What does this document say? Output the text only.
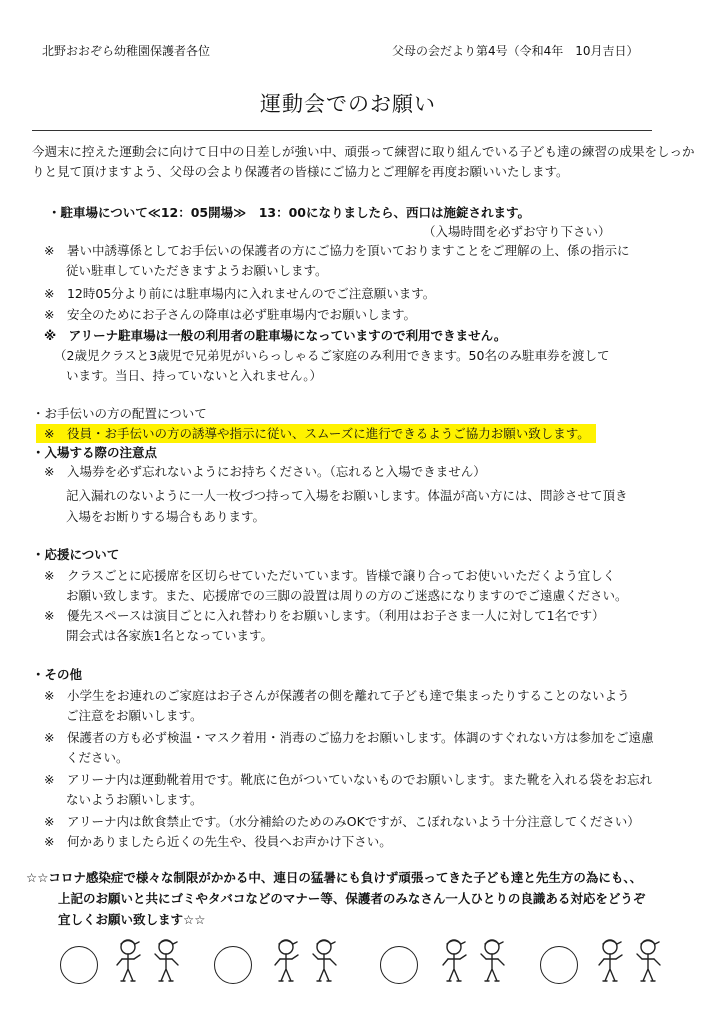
北野おおぞら幼稚園保護者各位	父母の会だより第4号（令和4年　10月吉日）
運動会でのお願い
今週末に控えた運動会に向けて日中の日差しが強い中、頑張って練習に取り組んでいる子ども達の練習の成果をしっか
りと見て頂けますよう、父母の会より保護者の皆様にご協力とご理解を再度お願いいたします。
・駐車場について≪12：05開場≫　13：00になりましたら、西口は施錠されます。
（入場時間を必ずお守り下さい）
※　暑い中誘導係としてお手伝いの保護者の方にご協力を頂いておりますことをご理解の上、係の指示に
従い駐車していただきますようお願いします。
※　12時05分より前には駐車場内に入れませんのでご注意願います。
※　安全のためにお子さんの降車は必ず駐車場内でお願いします。
※　アリーナ駐車場は一般の利用者の駐車場になっていますので利用できません。
（2歳児クラスと3歳児で兄弟児がいらっしゃるご家庭のみ利用できます。50名のみ駐車券を渡して
います。当日、持っていないと入れません。）
・お手伝いの方の配置について
※　役員・お手伝いの方の誘導や指示に従い、スムーズに進行できるようご協力お願い致します。
・入場する際の注意点
※　入場券を必ず忘れないようにお持ちください。（忘れると入場できません）
記入漏れのないように一人一枚づつ持って入場をお願いします。体温が高い方には、問診させて頂き
入場をお断りする場合もあります。
・応援について
※　クラスごとに応援席を区切らせていただいています。皆様で譲り合ってお使いいただくよう宜しく
お願い致します。また、応援席での三脚の設置は周りの方のご迷惑になりますのでご遠慮ください。
※　優先スペースは演目ごとに入れ替わりをお願いします。（利用はお子さま一人に対して1名です）
開会式は各家族1名となっています。
・その他
※　小学生をお連れのご家庭はお子さんが保護者の側を離れて子ども達で集まったりすることのないよう
ご注意をお願いします。
※　保護者の方も必ず検温・マスク着用・消毒のご協力をお願いします。体調のすぐれない方は参加をご遠慮
ください。
※　アリーナ内は運動靴着用です。靴底に色がついていないものでお願いします。また靴を入れる袋をお忘れ
ないようお願いします。
※　アリーナ内は飲食禁止です。（水分補給のためのみOKですが、こぼれないよう十分注意してください）
※　何かありましたら近くの先生や、役員へお声かけ下さい。
☆☆コロナ感染症で様々な制限がかかる中、連日の猛暑にも負けず頑張ってきた子ども達と先生方の為にも、、
上記のお願いと共にゴミやタバコなどのマナー等、保護者のみなさん一人ひとりの良識ある対応をどうぞ
宜しくお願い致します☆☆
